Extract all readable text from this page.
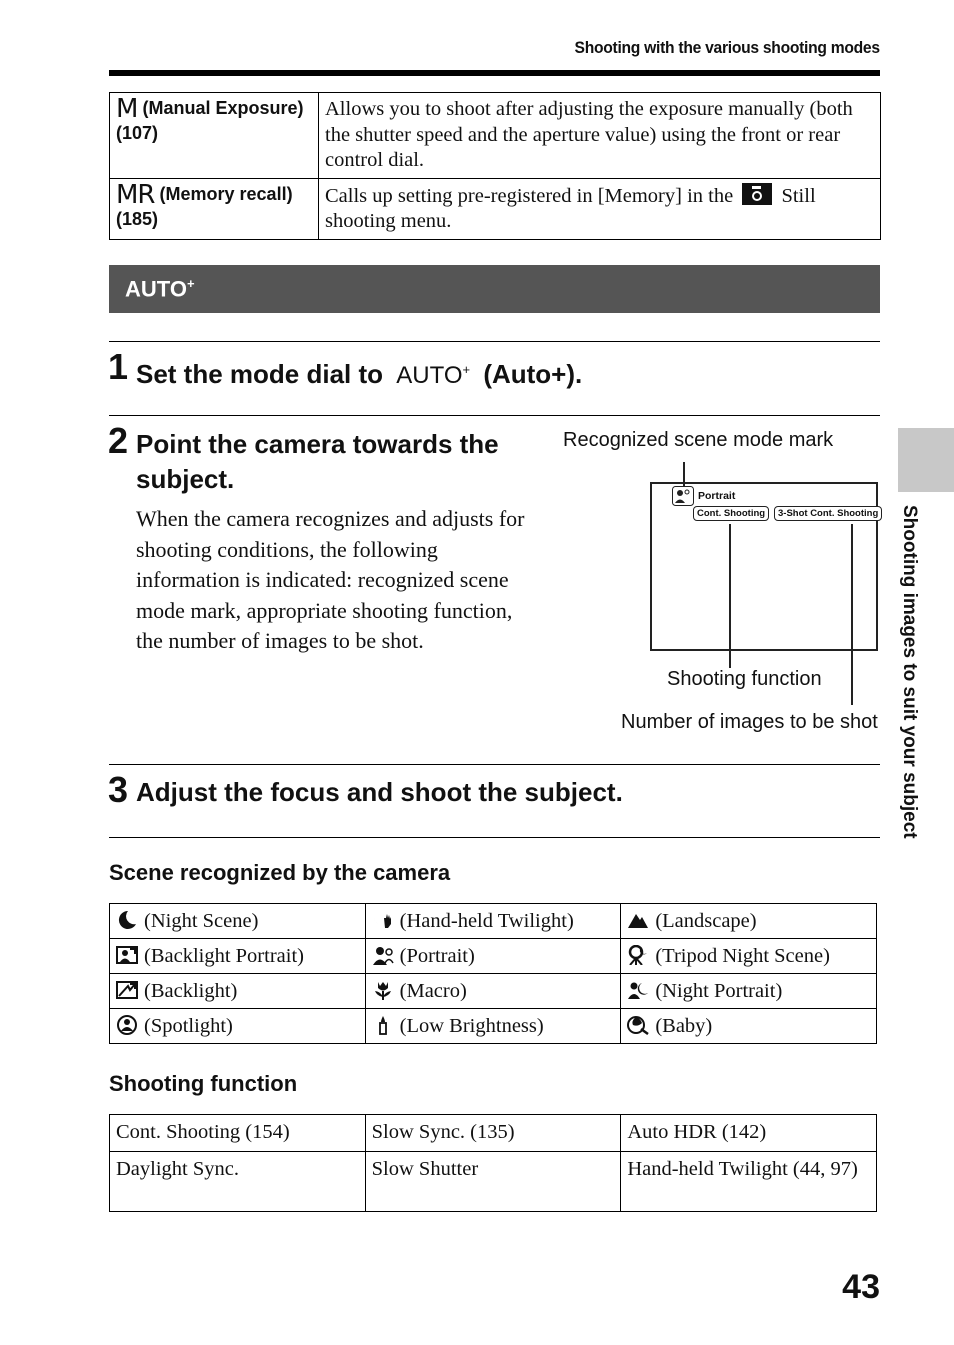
Shooting with the various shooting modes
M (Manual Exposure) (107)	Allows you to shoot after adjusting the exposure manually (both the shutter speed and the aperture value) using the front or rear control dial.
MR (Memory recall) (185)	Calls up setting pre-registered in [Memory] in the Still shooting menu.
AUTO+
1 Set the mode dial to AUTO+ (Auto+).
2 Point the camera towards the subject.
When the camera recognizes and adjusts for shooting conditions, the following information is indicated: recognized scene mode mark, appropriate shooting function, the number of images to be shot.
Recognized scene mode mark
Portrait
Cont. Shooting	3-Shot Cont. Shooting
Shooting function
Number of images to be shot
3 Adjust the focus and shoot the subject.
Scene recognized by the camera
(Night Scene)	(Hand-held Twilight)	(Landscape)
(Backlight Portrait)	(Portrait)	(Tripod Night Scene)
(Backlight)	(Macro)	(Night Portrait)
(Spotlight)	(Low Brightness)	(Baby)
Shooting function
Cont. Shooting (154)	Slow Sync. (135)	Auto HDR (142)
Daylight Sync.	Slow Shutter	Hand-held Twilight (44, 97)
Shooting images to suit your subject
43
